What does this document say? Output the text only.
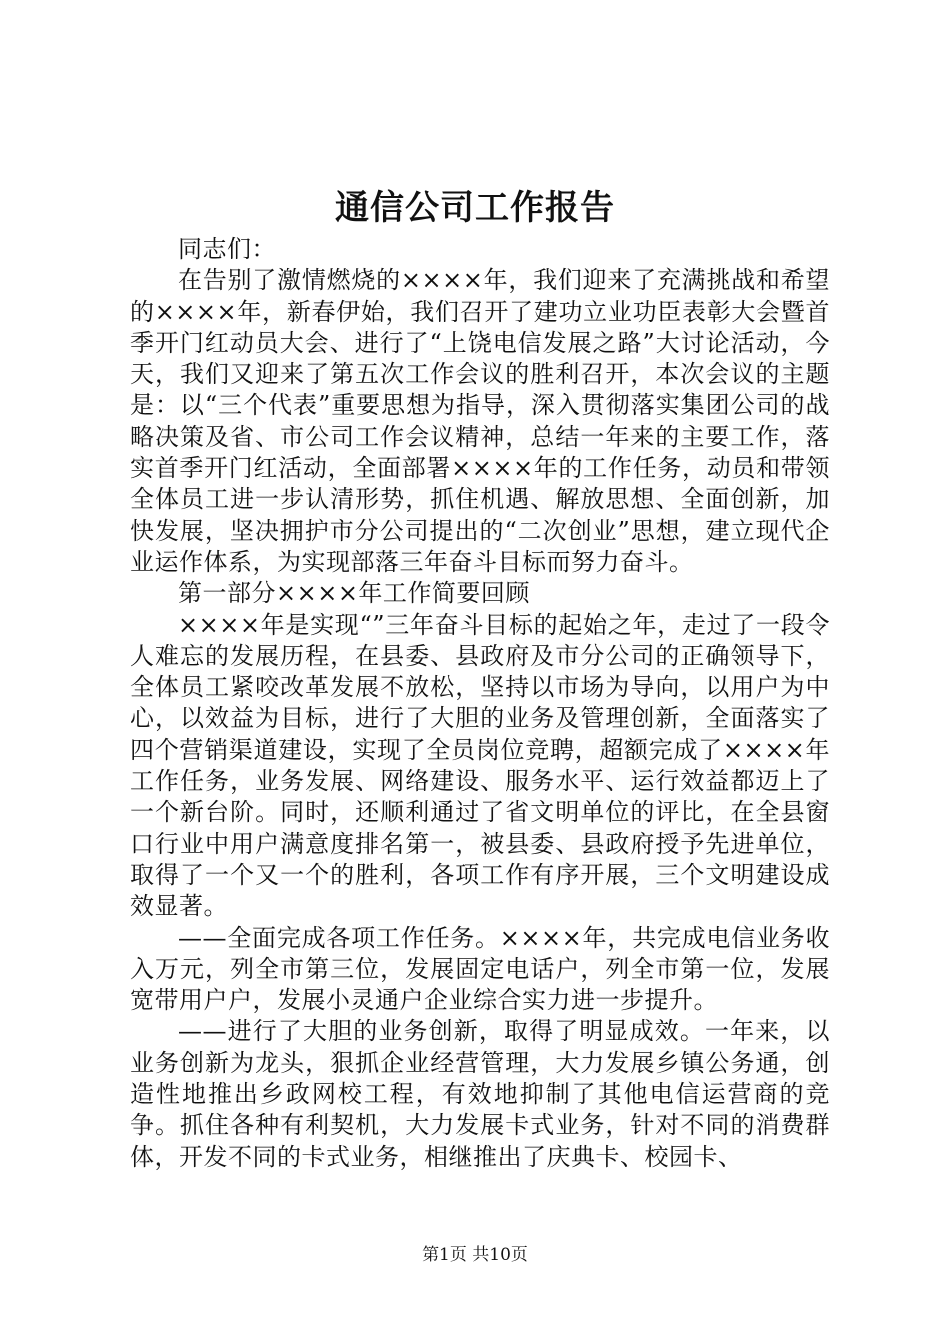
通信公司工作报告

同志们：

在告别了激情燃烧的××××年，我们迎来了充满挑战和希望的××××年，新春伊始，我们召开了建功立业功臣表彰大会暨首季开门红动员大会、进行了“上饶电信发展之路”大讨论活动，今天，我们又迎来了第五次工作会议的胜利召开，本次会议的主题是：以“三个代表”重要思想为指导，深入贯彻落实集团公司的战略决策及省、市公司工作会议精神，总结一年来的主要工作，落实首季开门红活动，全面部署××××年的工作任务，动员和带领全体员工进一步认清形势，抓住机遇、解放思想、全面创新，加快发展，坚决拥护市分公司提出的“二次创业”思想，建立现代企业运作体系，为实现部落三年奋斗目标而努力奋斗。

第一部分××××年工作简要回顾

××××年是实现“”三年奋斗目标的起始之年，走过了一段令人难忘的发展历程，在县委、县政府及市分公司的正确领导下，全体员工紧咬改革发展不放松，坚持以市场为导向，以用户为中心，以效益为目标，进行了大胆的业务及管理创新，全面落实了四个营销渠道建设，实现了全员岗位竞聘，超额完成了××××年工作任务，业务发展、网络建设、服务水平、运行效益都迈上了一个新台阶。同时，还顺利通过了省文明单位的评比，在全县窗口行业中用户满意度排名第一，被县委、县政府授予先进单位，取得了一个又一个的胜利，各项工作有序开展，三个文明建设成效显著。

——全面完成各项工作任务。××××年，共完成电信业务收入万元，列全市第三位，发展固定电话户，列全市第一位，发展宽带用户户，发展小灵通户企业综合实力进一步提升。

——进行了大胆的业务创新，取得了明显成效。一年来，以业务创新为龙头，狠抓企业经营管理，大力发展乡镇公务通，创造性地推出乡政网校工程，有效地抑制了其他电信运营商的竞争。抓住各种有利契机，大力发展卡式业务，针对不同的消费群体，开发不同的卡式业务，相继推出了庆典卡、校园卡、

第1页 共10页
